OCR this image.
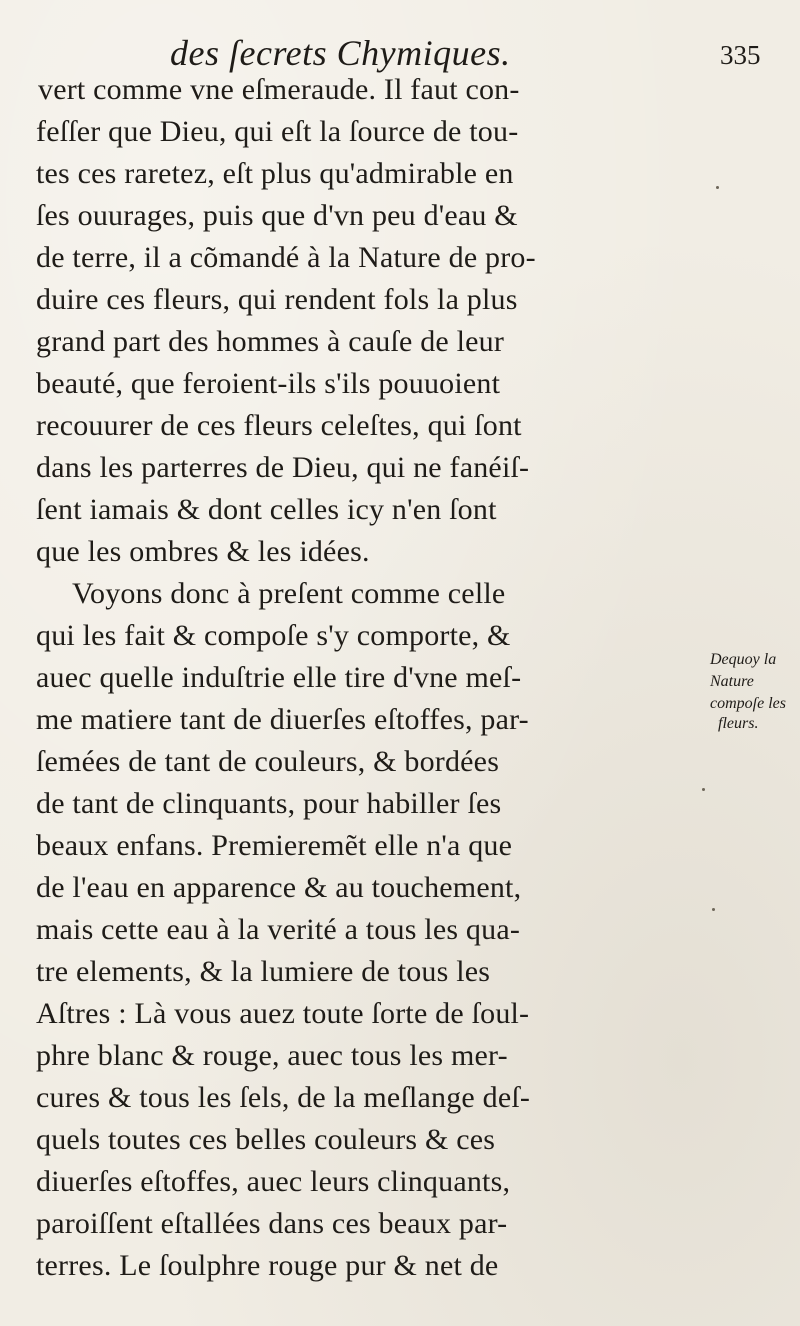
des ſecrets Chymiques.	335
vert comme vne eſmeraude. Il faut con-
feſſer que Dieu, qui eſt la ſource de tou-
tes ces raretez, eſt plus qu'admirable en
ſes ouurages, puis que d'vn peu d'eau &
de terre, il a cõmandé à la Nature de pro-
duire ces fleurs, qui rendent fols la plus
grand part des hommes à cauſe de leur
beauté, que feroient-ils s'ils pouuoient
recouurer de ces fleurs celeſtes, qui ſont
dans les parterres de Dieu, qui ne fanéiſ-
ſent iamais & dont celles icy n'en ſont
que les ombres & les idées.
Voyons donc à preſent comme celle
qui les fait & compoſe s'y comporte, &
auec quelle induſtrie elle tire d'vne meſ-
me matiere tant de diuerſes eſtoffes, par-
ſemées de tant de couleurs, & bordées
de tant de clinquants, pour habiller ſes
beaux enfans. Premieremẽt elle n'a que
de l'eau en apparence & au touchement,
mais cette eau à la verité a tous les qua-
tre elements, & la lumiere de tous les
Aſtres : Là vous auez toute ſorte de ſoul-
phre blanc & rouge, auec tous les mer-
cures & tous les ſels, de la meſlange deſ-
quels toutes ces belles couleurs & ces
diuerſes eſtoffes, auec leurs clinquants,
paroiſſent eſtallées dans ces beaux par-
terres. Le ſoulphre rouge pur & net de
Dequoy la
Nature
compoſe les
fleurs.
